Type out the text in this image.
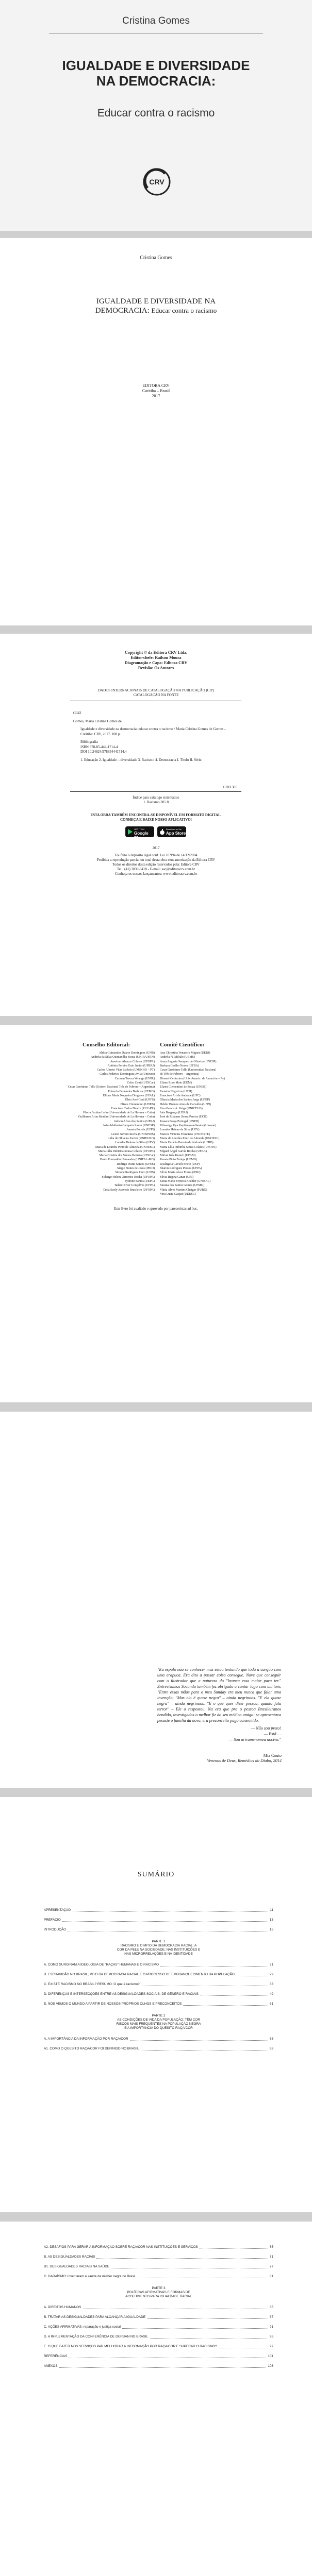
Cristina Gomes
IGUALDADE E DIVERSIDADE
NA DEMOCRACIA:
Educar contra o racismo
CRV
Cristina Gomes
IGUALDADE E DIVERSIDADE NA
DEMOCRACIA: Educar contra o racismo
EDITORA CRV
Curitiba – Brasil
2017
Copyright © da Editora CRV Ltda.
Editor-chefe: Railson Moura
Diagramação e Capa: Editora CRV
Revisão: Os Autores
DADOS INTERNACIONAIS DE CATALOGAÇÃO NA PUBLICAÇÃO (CIP)
CATALOGAÇÃO NA FONTE

G342

Gomes, Maria Cristina Gomes de.

Igualdade e diversidade na democracia: educar contra o racismo / Maria Cristina Gomes de Gomes – Curitiba: CRV, 2017. 108 p.

Bibliografia

ISBN 978-85-444-1714-4

DOI 10.24824/978854441714.4

1. Educação 2. Igualdade – diversidade 3. Racismo 4. Democracia I. Título II. Série.

CDD 305
Índice para catálogo sistemático
1. Racismo 305.8
ESTA OBRA TAMBÉM ENCONTRA-SE DISPONÍVEL EM FORMATO DIGITAL.
CONHEÇA E BAIXE NOSSO APLICATIVO!
GET IT ON
Google Play
Download on the
App Store
2017
Foi feito o depósito legal conf. Lei 10.994 de 14/12/2004
Proibida a reprodução parcial ou total desta obra sem autorização da Editora CRV
Todos os direitos desta edição reservados pela: Editora CRV
Tel.: (41) 3039-6418 - E-mail: sac@editoracrv.com.br
Conheça os nossos lançamentos: www.editoracrv.com.br
Conselho Editorial:	Comitê Científico:
Aldira Guimarães Duarte Domínguez (UNB)
Andréia da Silva Quintanilha Sousa (UNIR/UFRN)
Anselmo Alencar Colares (UFOPA)
Antônio Pereira Gaio Júnior (UFRRJ)
Carlos Alberto Vilar Estêvão (UMINHO – PT)
Carlos Federico Dominguez Avila (Unieuro)
Carmen Tereza Velanga (UNIR)
Celso Conti (UFSCar)
Cesar Gerónimo Tello (Univer. Nacional Três de Febrero – Argentina)
Eduardo Fernandes Barbosa (UFMG)
Elione Maria Nogueira Diogenes (UFAL)
Élsio José Corá (UFFS)
Elizeu Clementino (UNEB)
Francisco Carlos Duarte (PUC-PR)
Gloria Fariñas León (Universidade de La Havana – Cuba)
Guillermo Arias Beatón (Universidade de La Havana – Cuba)
Jailson Alves dos Santos (UFRJ)
João Adalberto Campato Junior (UNESP)
Josania Portela (UFPI)
Leonel Severo Rocha (UNISINOS)
Lídia de Oliveira Xavier (UNIEURO)
Lourdes Helena da Silva (UFV)
Maria de Lourdes Pinto de Almeida (UNOESC)
Maria Lília Imbiriba Sousa Colares (UFOPA)
Maria Cristina dos Santos Bezerra (UFSCar)
Paulo Romualdo Hernandes (UNIFAL-MG)
Rodrigo Pratte-Santos (UFES)
Sérgio Nunes de Jesus (IFRO)
Simone Rodrigues Pinto (UNB)
Solange Helena Ximenes-Rocha (UFOPA)
Sydione Santos (UEPG)
Tadeu Oliver Gonçalves (UFPA)
Tania Suely Azevedo Brasileiro (UFOPA)
Ana Chrystina Venancio Mignot (UERJ)
Andréia N. Militão (UEMS)
Anna Augusta Sampaio de Oliveira (UNESP)
Barbara Coelho Neves (UFBA)
Cesar Gerónimo Tello (Universidad Nacional
de Três de Febrero – Argentina)
Diosnel Centurion (Univ Americ. de Asunción – Py)
Eliane Rose Maio (UEM)
Elizeu Clementino de Souza (UNEB)
Fauston Negreiros (UFPI)
Francisco Ari de Andrade (UFC)
Gláucia Maria dos Santos Jorge (UFOP)
Helder Buenos Aires de Carvalho (UFPI)
Ilma Passos A. Veiga (UNICEUB)
Inês Bragança (UERJ)
José de Ribamar Sousa Pereira (UCB)
Jussara Fraga Portugal (UNEB)
Kilwangy Kya Kapitango-a-Samba (Unemat)
Lourdes Helena da Silva (UFV)
Marcos Vinicius Francisco (UNOESTE)
Maria de Lourdes Pinto de Almeida (UNOESC)
Maria Eurácia Barreto de Andrade (UFRB)
Maria Lília Imbiriba Sousa Colares (UFOPA)
Míguel Ángel García Bordas (UFBA)
Mirian Inês Krauch (UFAM)
Renata Pinto Zuniga (UFMG)
Rosângela Gavioli Prieto (USP)
Sharon Rodrigues Pessoa (UFPA)
Silvia Maria Alves Flores (IFRJ)
Silvia Regina Canan (URI)
Sonia Maria Ferreira Koehler (UNISAL)
Suzana dos Santos Gomes (UFMG)
Vânia Alves Martins Chaigar (FURG)
Vera Lucia Gaspar (UDESC)
Este livro foi avaliado e aprovado por pareceristas ad hoc.
"Eu espalo não se conhecer mas estou tentando que toda a canção com uma arapuca. Era dito a passar coisa consegue. Nove que conseguir com o ilustrador que a natureza do "branca essa maior para ter." Entrevisamos Socando também fez obrigado a cantar logo com um tom. "Entre essas mãos para o meu Sunday era meu nunca que falar uma invenção, "Mas ela é quase negra" – ainda negrinoos. "E ela quase negra" – ainda negrinoos. "E o que quer dizer pessoa, quanto fala terror" – Ele o respostou. Na era que pra o pessoa Brasileiranos bendido, investigadas o melhor fiz do seu médico amigo: se apresentava pesaste o família da nova, era preconceito pago consentido.
— Não sou preto!
— Está …
— Sou ariramenomea nocivo."
Mia Couto
Venenos de Deus, Remédios do Diabo, 2014
SUMÁRIO
APRESENTAÇÃO	11
PREFÁCIO	13
INTRODUÇÃO	15
PARTE 1
RACISMO E O MITO DA DEMOCRACIA RACIAL: A
COR DA PELE NA SOCIEDADE, NAS INSTITUIÇÕES E
NAS MICRORRELAÇÕES E NA IDENTIDADE
A. COMO SURGIRAM A IDEOLOGIA DE "RAÇAS" HUMANAS E O RACISMO	21
B. ESCRAVIDÃO NO BRASIL, MITO DA DEMOCRACIA RACIAL E O PROCESSO DE EMBRANQUECIMENTO DA POPULAÇÃO	29
C. EXISTE RACISMO NO BRASIL? RESUMO: O que é racismo?	33
D. DIFERENÇAS E INTERSECÇÕES ENTRE AS DESIGUALDADES SOCIAIS, DE GÊNERO E RACIAIS	49
E. NÓS VEMOS O MUNDO A PARTIR DE NOSSOS PRÓPRIOS OLHOS E PRECONCEITOS	51
PARTE 2
AS CONDIÇÕES DE VIDA DA POPULAÇÃO: TÊM COR
RISCOS MAIS FREQUENTES NA POPULAÇÃO NEGRA
E A IMPORTÂNCIA DO QUESITO RAÇA/COR
A. A IMPORTÂNCIA DA INFORMAÇÃO POR RAÇA/COR	63
A1. COMO O QUESITO RAÇA/COR FOI DEFINIDO NO BRASIL	63
A2. DESAFIOS PARA GERAR A INFORMAÇÃO SOBRE RAÇA/COR NAS INSTITUIÇÕES E SERVIÇOS	65
B. AS DESIGUALDADES RACIAIS	71
B1. DESIGUALDADES RACIAIS NA SAÚDE	77
C. DADAÍSMO: Inventaram a saúde da mulher negra no Brasil	81
PARTE 3
POLÍTICAS AFIRMATIVAS E FORMAS DE
ACOLHIMENTO PARA IGUALDADE RACIAL
A. DIREITOS HUMANOS	85
B. TRATAR AS DESIGUALDADES PARA ALCANÇAR A IGUALDADE	87
C. AÇÕES AFIRMATIVAS: reparação e justiça social	91
D. A IMPLEMENTAÇÃO DA CONFERÊNCIA DE DURBAN NO BRASIL	95
E. O QUE FAZER NOS SERVIÇOS PAR MELHORAR A INFORMAÇÃO POR RAÇA/COR E SUPERAR O RACISMO?	97
REFERÊNCIAS	101
ANEXOS	103
